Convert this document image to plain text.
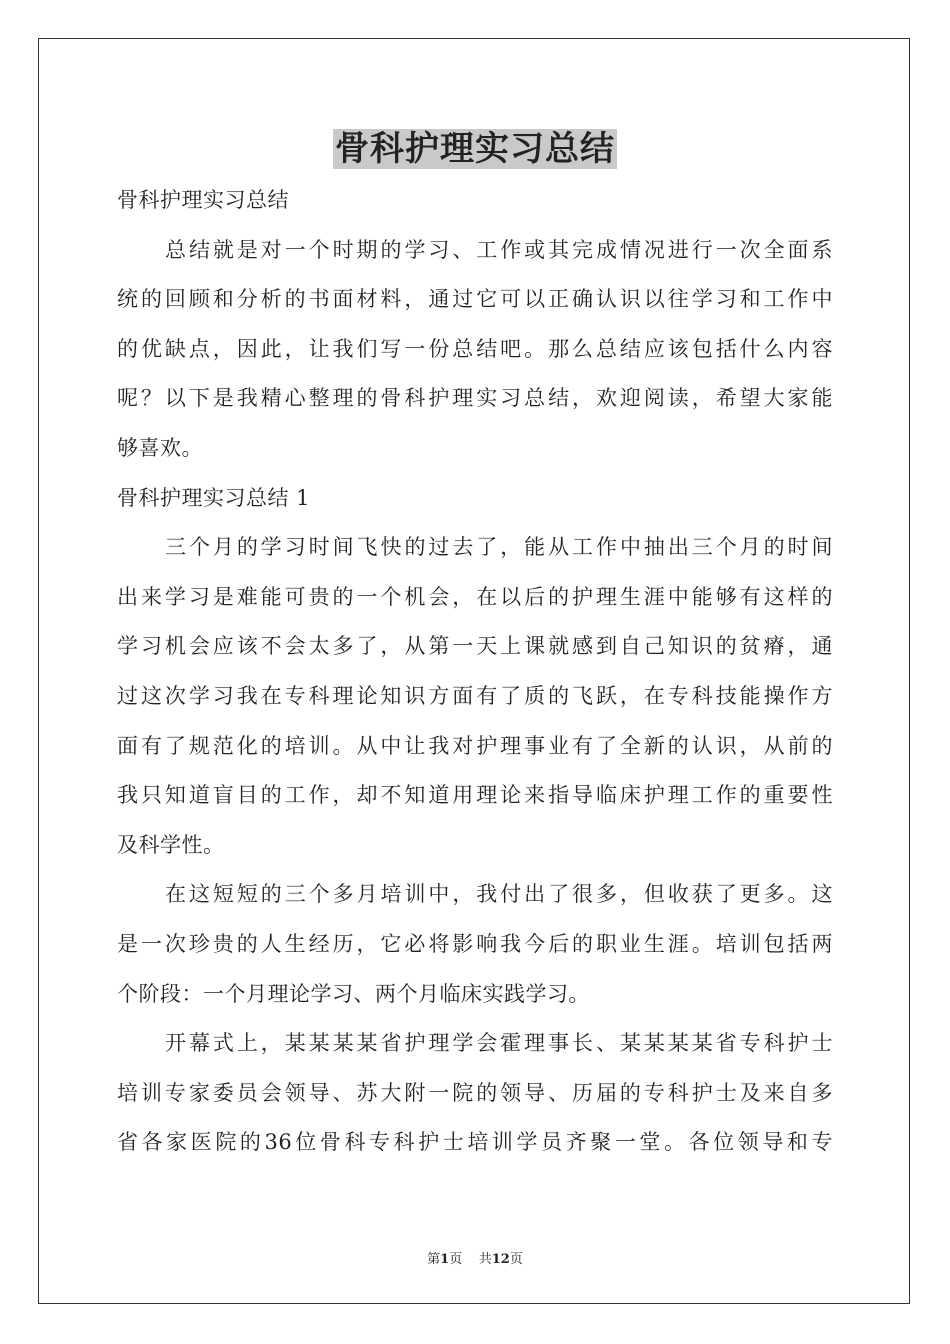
骨科护理实习总结
骨科护理实习总结
总结就是对一个时期的学习、工作或其完成情况进行一次全面系
统的回顾和分析的书面材料，通过它可以正确认识以往学习和工作中
的优缺点，因此，让我们写一份总结吧。那么总结应该包括什么内容
呢？以下是我精心整理的骨科护理实习总结，欢迎阅读，希望大家能
够喜欢。
骨科护理实习总结 1
三个月的学习时间飞快的过去了，能从工作中抽出三个月的时间
出来学习是难能可贵的一个机会，在以后的护理生涯中能够有这样的
学习机会应该不会太多了，从第一天上课就感到自己知识的贫瘠，通
过这次学习我在专科理论知识方面有了质的飞跃，在专科技能操作方
面有了规范化的培训。从中让我对护理事业有了全新的认识，从前的
我只知道盲目的工作，却不知道用理论来指导临床护理工作的重要性
及科学性。
在这短短的三个多月培训中，我付出了很多，但收获了更多。这
是一次珍贵的人生经历，它必将影响我今后的职业生涯。培训包括两
个阶段：一个月理论学习、两个月临床实践学习。
开幕式上，某某某某省护理学会霍理事长、某某某某省专科护士
培训专家委员会领导、苏大附一院的领导、历届的专科护士及来自多
省各家医院的36位骨科专科护士培训学员齐聚一堂。各位领导和专
第1页 共12页
